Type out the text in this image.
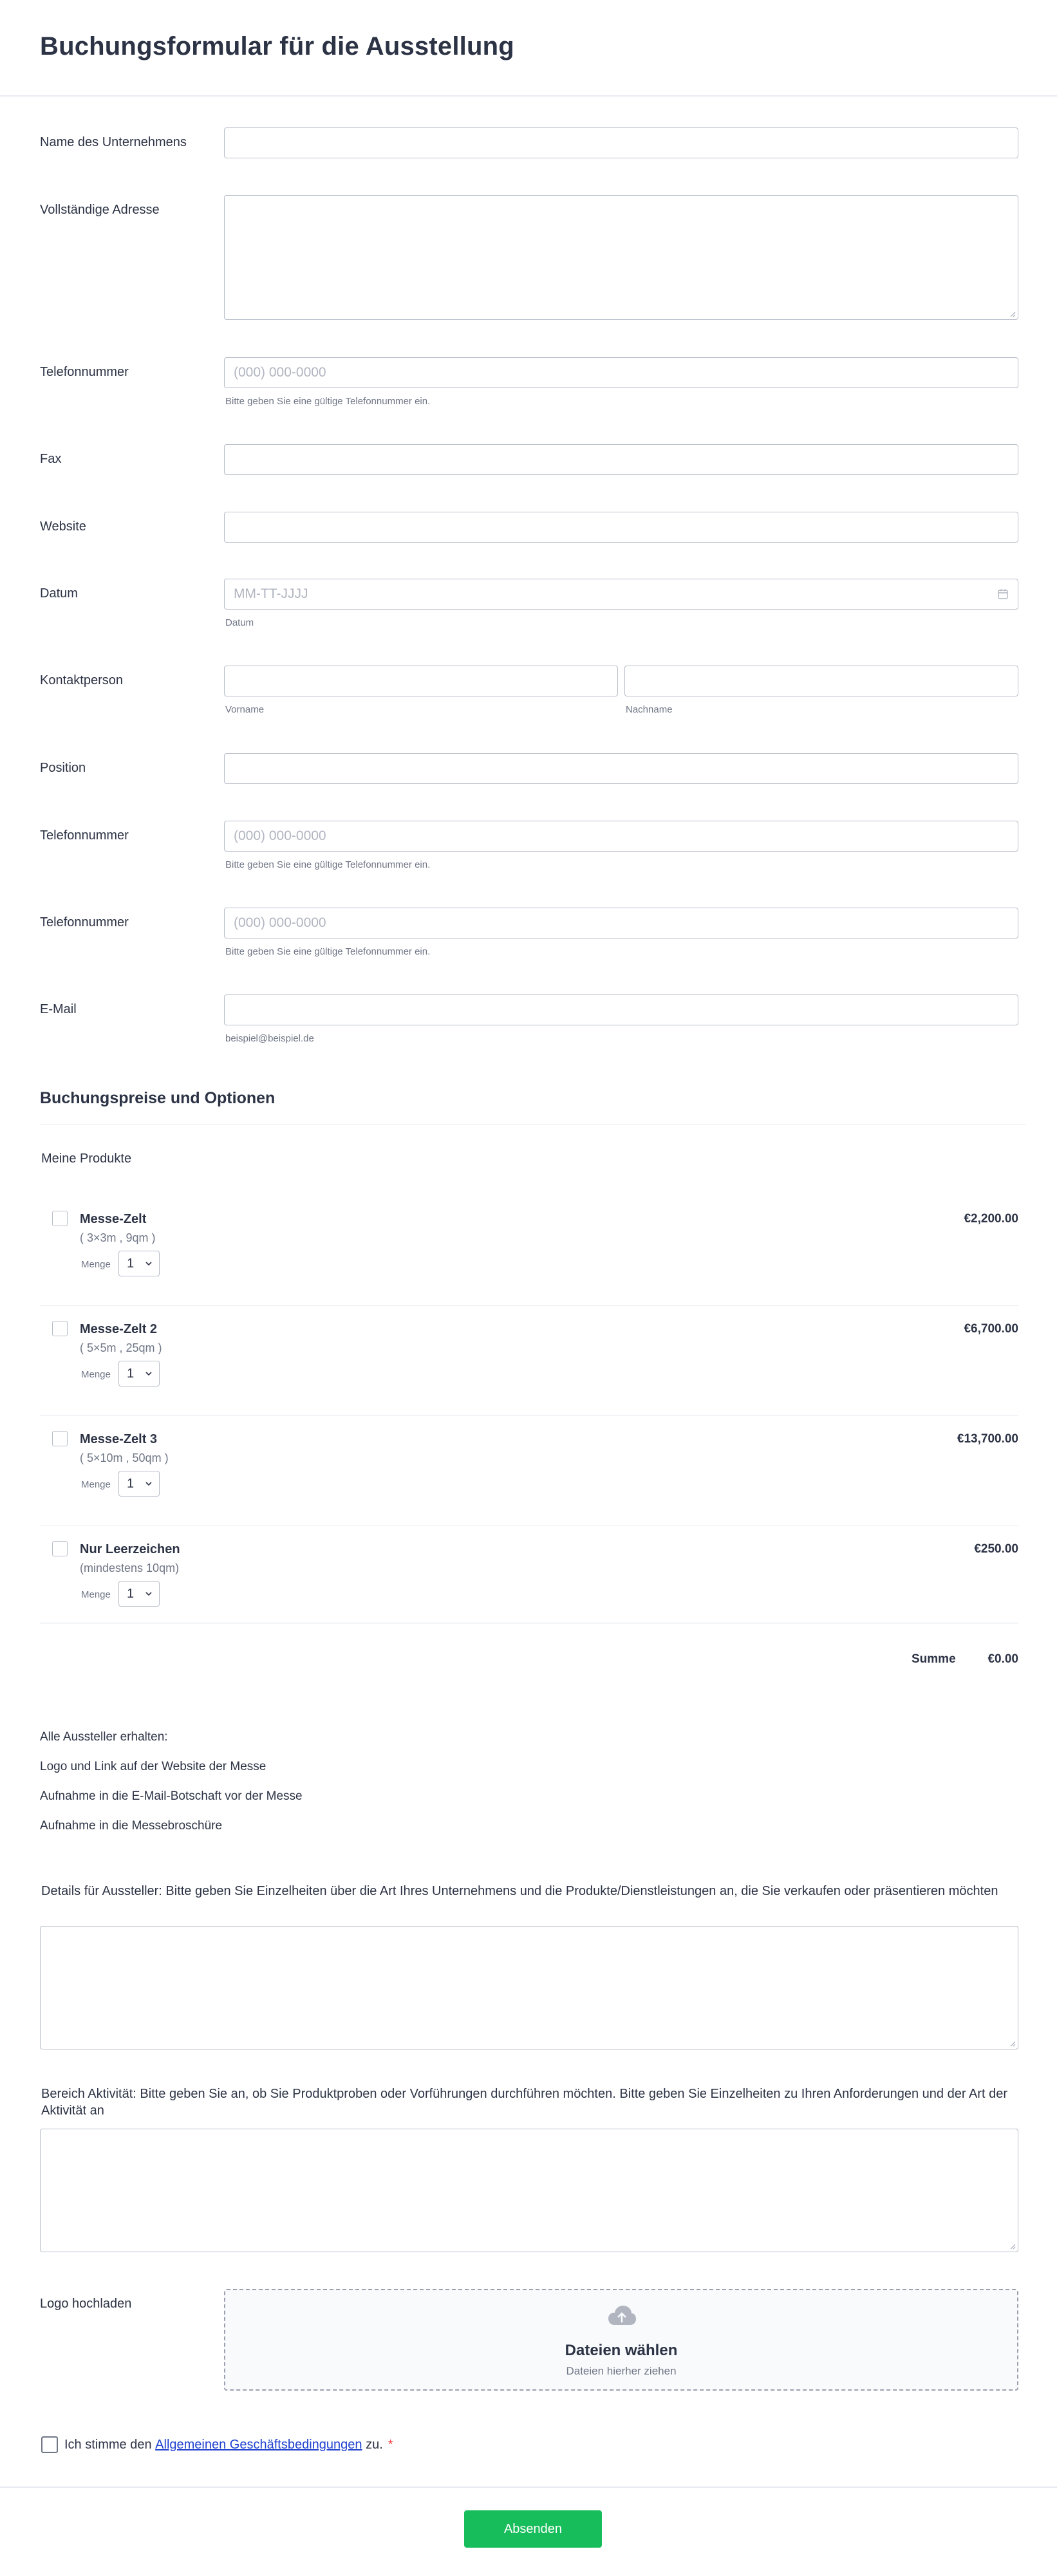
Buchungsformular für die Ausstellung
Name des Unternehmens
Vollständige Adresse
Telefonnummer	(000) 000-0000
Bitte geben Sie eine gültige Telefonnummer ein.
Fax
Website
Datum	MM-TT-JJJJ
Datum
Kontaktperson
Vorname	Nachname
Position
Telefonnummer	(000) 000-0000
Bitte geben Sie eine gültige Telefonnummer ein.
Telefonnummer	(000) 000-0000
Bitte geben Sie eine gültige Telefonnummer ein.
E-Mail
beispiel@beispiel.de
Buchungspreise und Optionen
Meine Produkte
Messe-Zelt
( 3×3m , 9qm )
Menge	1
€2,200.00
Messe-Zelt 2
( 5×5m , 25qm )
Menge	1
€6,700.00
Messe-Zelt 3
( 5×10m , 50qm )
Menge	1
€13,700.00
Nur Leerzeichen
(mindestens 10qm)
Menge	1
€250.00
Summe	€0.00
Alle Aussteller erhalten:
Logo und Link auf der Website der Messe
Aufnahme in die E-Mail-Botschaft vor der Messe
Aufnahme in die Messebroschüre
Details für Aussteller: Bitte geben Sie Einzelheiten über die Art Ihres Unternehmens und die Produkte/Dienstleistungen an, die Sie verkaufen oder präsentieren möchten
Bereich Aktivität: Bitte geben Sie an, ob Sie Produktproben oder Vorführungen durchführen möchten. Bitte geben Sie Einzelheiten zu Ihren Anforderungen und der Art der Aktivität an
Logo hochladen
Dateien wählen
Dateien hierher ziehen
Ich stimme den
Allgemeinen Geschäftsbedingungen
zu. *
Absenden
